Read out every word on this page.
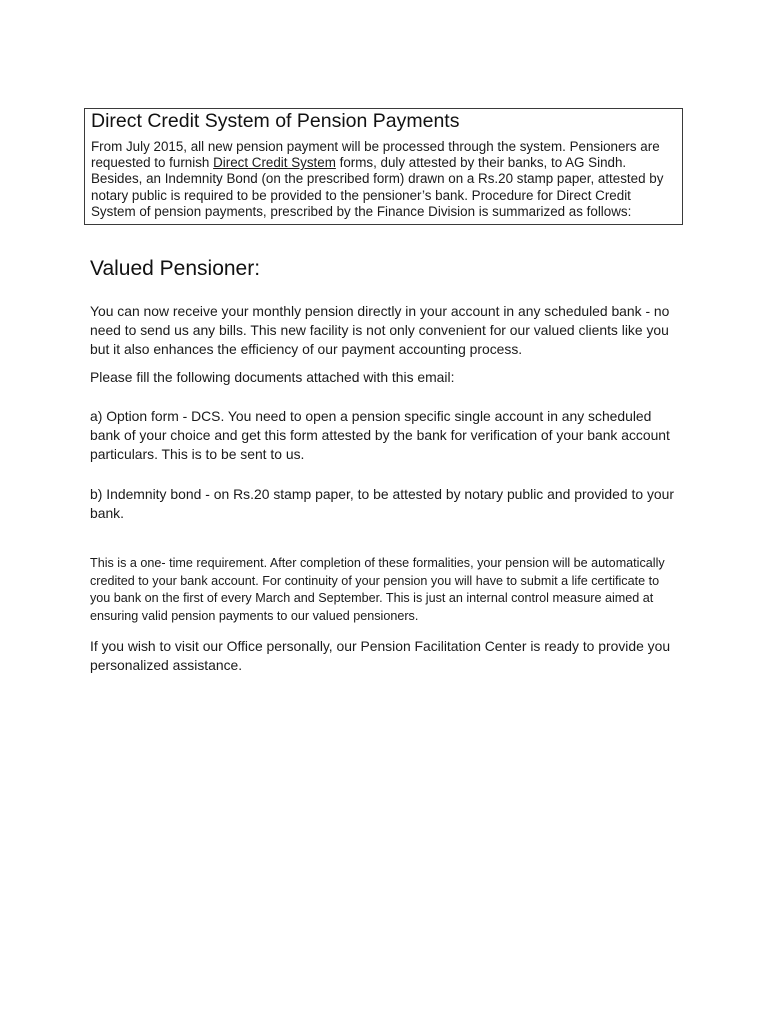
Direct Credit System of Pension Payments

From July 2015, all new pension payment will be processed through the system. Pensioners are requested to furnish Direct Credit System forms, duly attested by their banks, to AG Sindh. Besides, an Indemnity Bond (on the prescribed form) drawn on a Rs.20 stamp paper, attested by notary public is required to be provided to the pensioner’s bank. Procedure for Direct Credit System of pension payments, prescribed by the Finance Division is summarized as follows:

Valued Pensioner:

You can now receive your monthly pension directly in your account in any scheduled bank - no need to send us any bills. This new facility is not only convenient for our valued clients like you but it also enhances the efficiency of our payment accounting process.

Please fill the following documents attached with this email:

a) Option form - DCS. You need to open a pension specific single account in any scheduled bank of your choice and get this form attested by the bank for verification of your bank account particulars. This is to be sent to us.

b) Indemnity bond - on Rs.20 stamp paper, to be attested by notary public and provided to your bank.

This is a one- time requirement. After completion of these formalities, your pension will be automatically credited to your bank account. For continuity of your pension you will have to submit a life certificate to you bank on the first of every March and September. This is just an internal control measure aimed at ensuring valid pension payments to our valued pensioners.

If you wish to visit our Office personally, our Pension Facilitation Center is ready to provide you personalized assistance.
